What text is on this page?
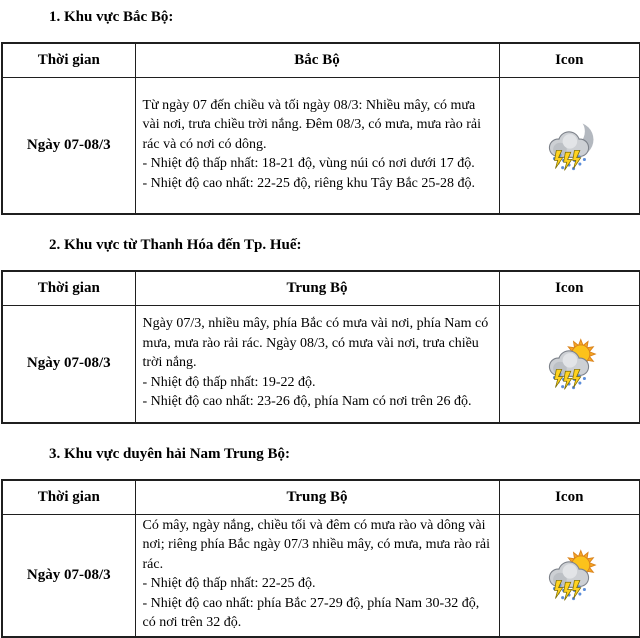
1. Khu vực Bắc Bộ:
Thời gian	Bắc Bộ	Icon
Ngày 07-08/3	Từ ngày 07 đến chiều và tối ngày 08/3: Nhiều mây, có mưa vài nơi, trưa chiều trời nắng. Đêm 08/3, có mưa, mưa rào rải rác và có nơi có dông.
- Nhiệt độ thấp nhất: 18-21 độ, vùng núi có nơi dưới 17 độ.
- Nhiệt độ cao nhất: 22-25 độ, riêng khu Tây Bắc 25-28 độ.

2. Khu vực từ Thanh Hóa đến Tp. Huế:
Thời gian	Trung Bộ	Icon
Ngày 07-08/3	Ngày 07/3, nhiều mây, phía Bắc có mưa vài nơi, phía Nam có mưa, mưa rào rải rác. Ngày 08/3, có mưa vài nơi, trưa chiều trời nắng.
- Nhiệt độ thấp nhất: 19-22 độ.
- Nhiệt độ cao nhất: 23-26 độ, phía Nam có nơi trên 26 độ.

3. Khu vực duyên hải Nam Trung Bộ:
Thời gian	Trung Bộ	Icon
Ngày 07-08/3	Có mây, ngày nắng, chiều tối và đêm có mưa rào và dông vài nơi; riêng phía Bắc ngày 07/3 nhiều mây, có mưa, mưa rào rải rác.
- Nhiệt độ thấp nhất: 22-25 độ.
- Nhiệt độ cao nhất: phía Bắc 27-29 độ, phía Nam 30-32 độ, có nơi trên 32 độ.
